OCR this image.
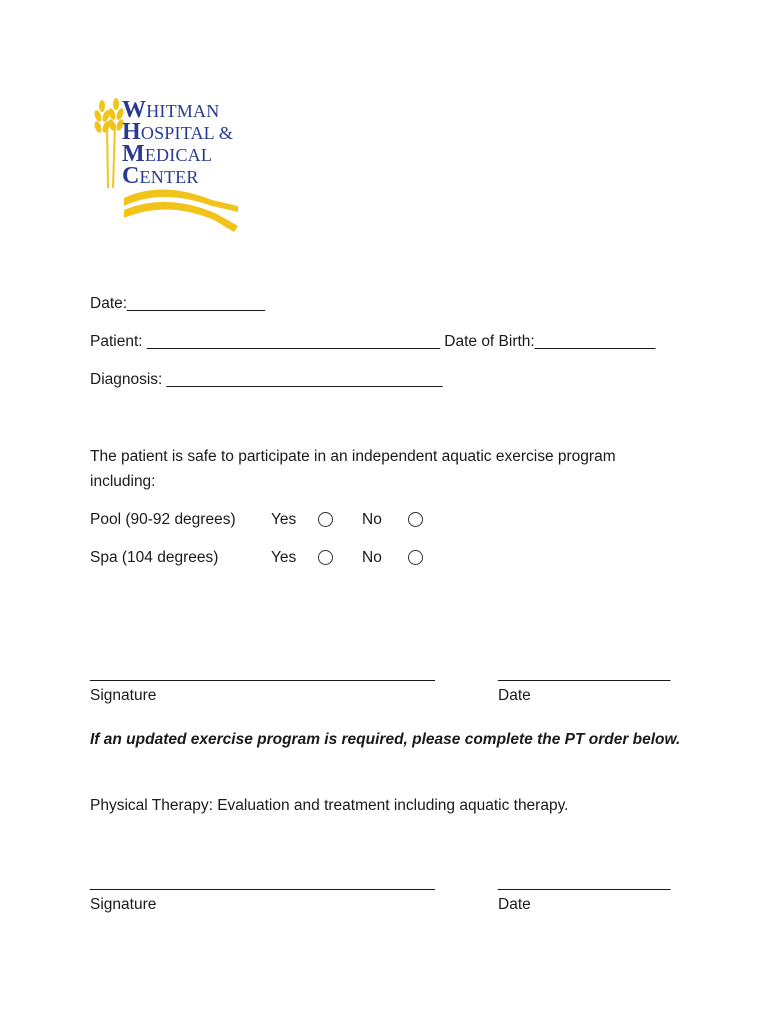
WHITMAN
HOSPITAL &
MEDICAL
CENTER
Date:________________
Patient: __________________________________ Date of Birth:______________
Diagnosis: ________________________________
The patient is safe to participate in an independent aquatic exercise program
including:
Pool (90-92 degrees) Yes	No
Spa (104 degrees)	Yes	No
________________________________________	____________________
Signature	Date
If an updated exercise program is required, please complete the PT order below.
Physical Therapy: Evaluation and treatment including aquatic therapy.
________________________________________	____________________
Signature	Date
